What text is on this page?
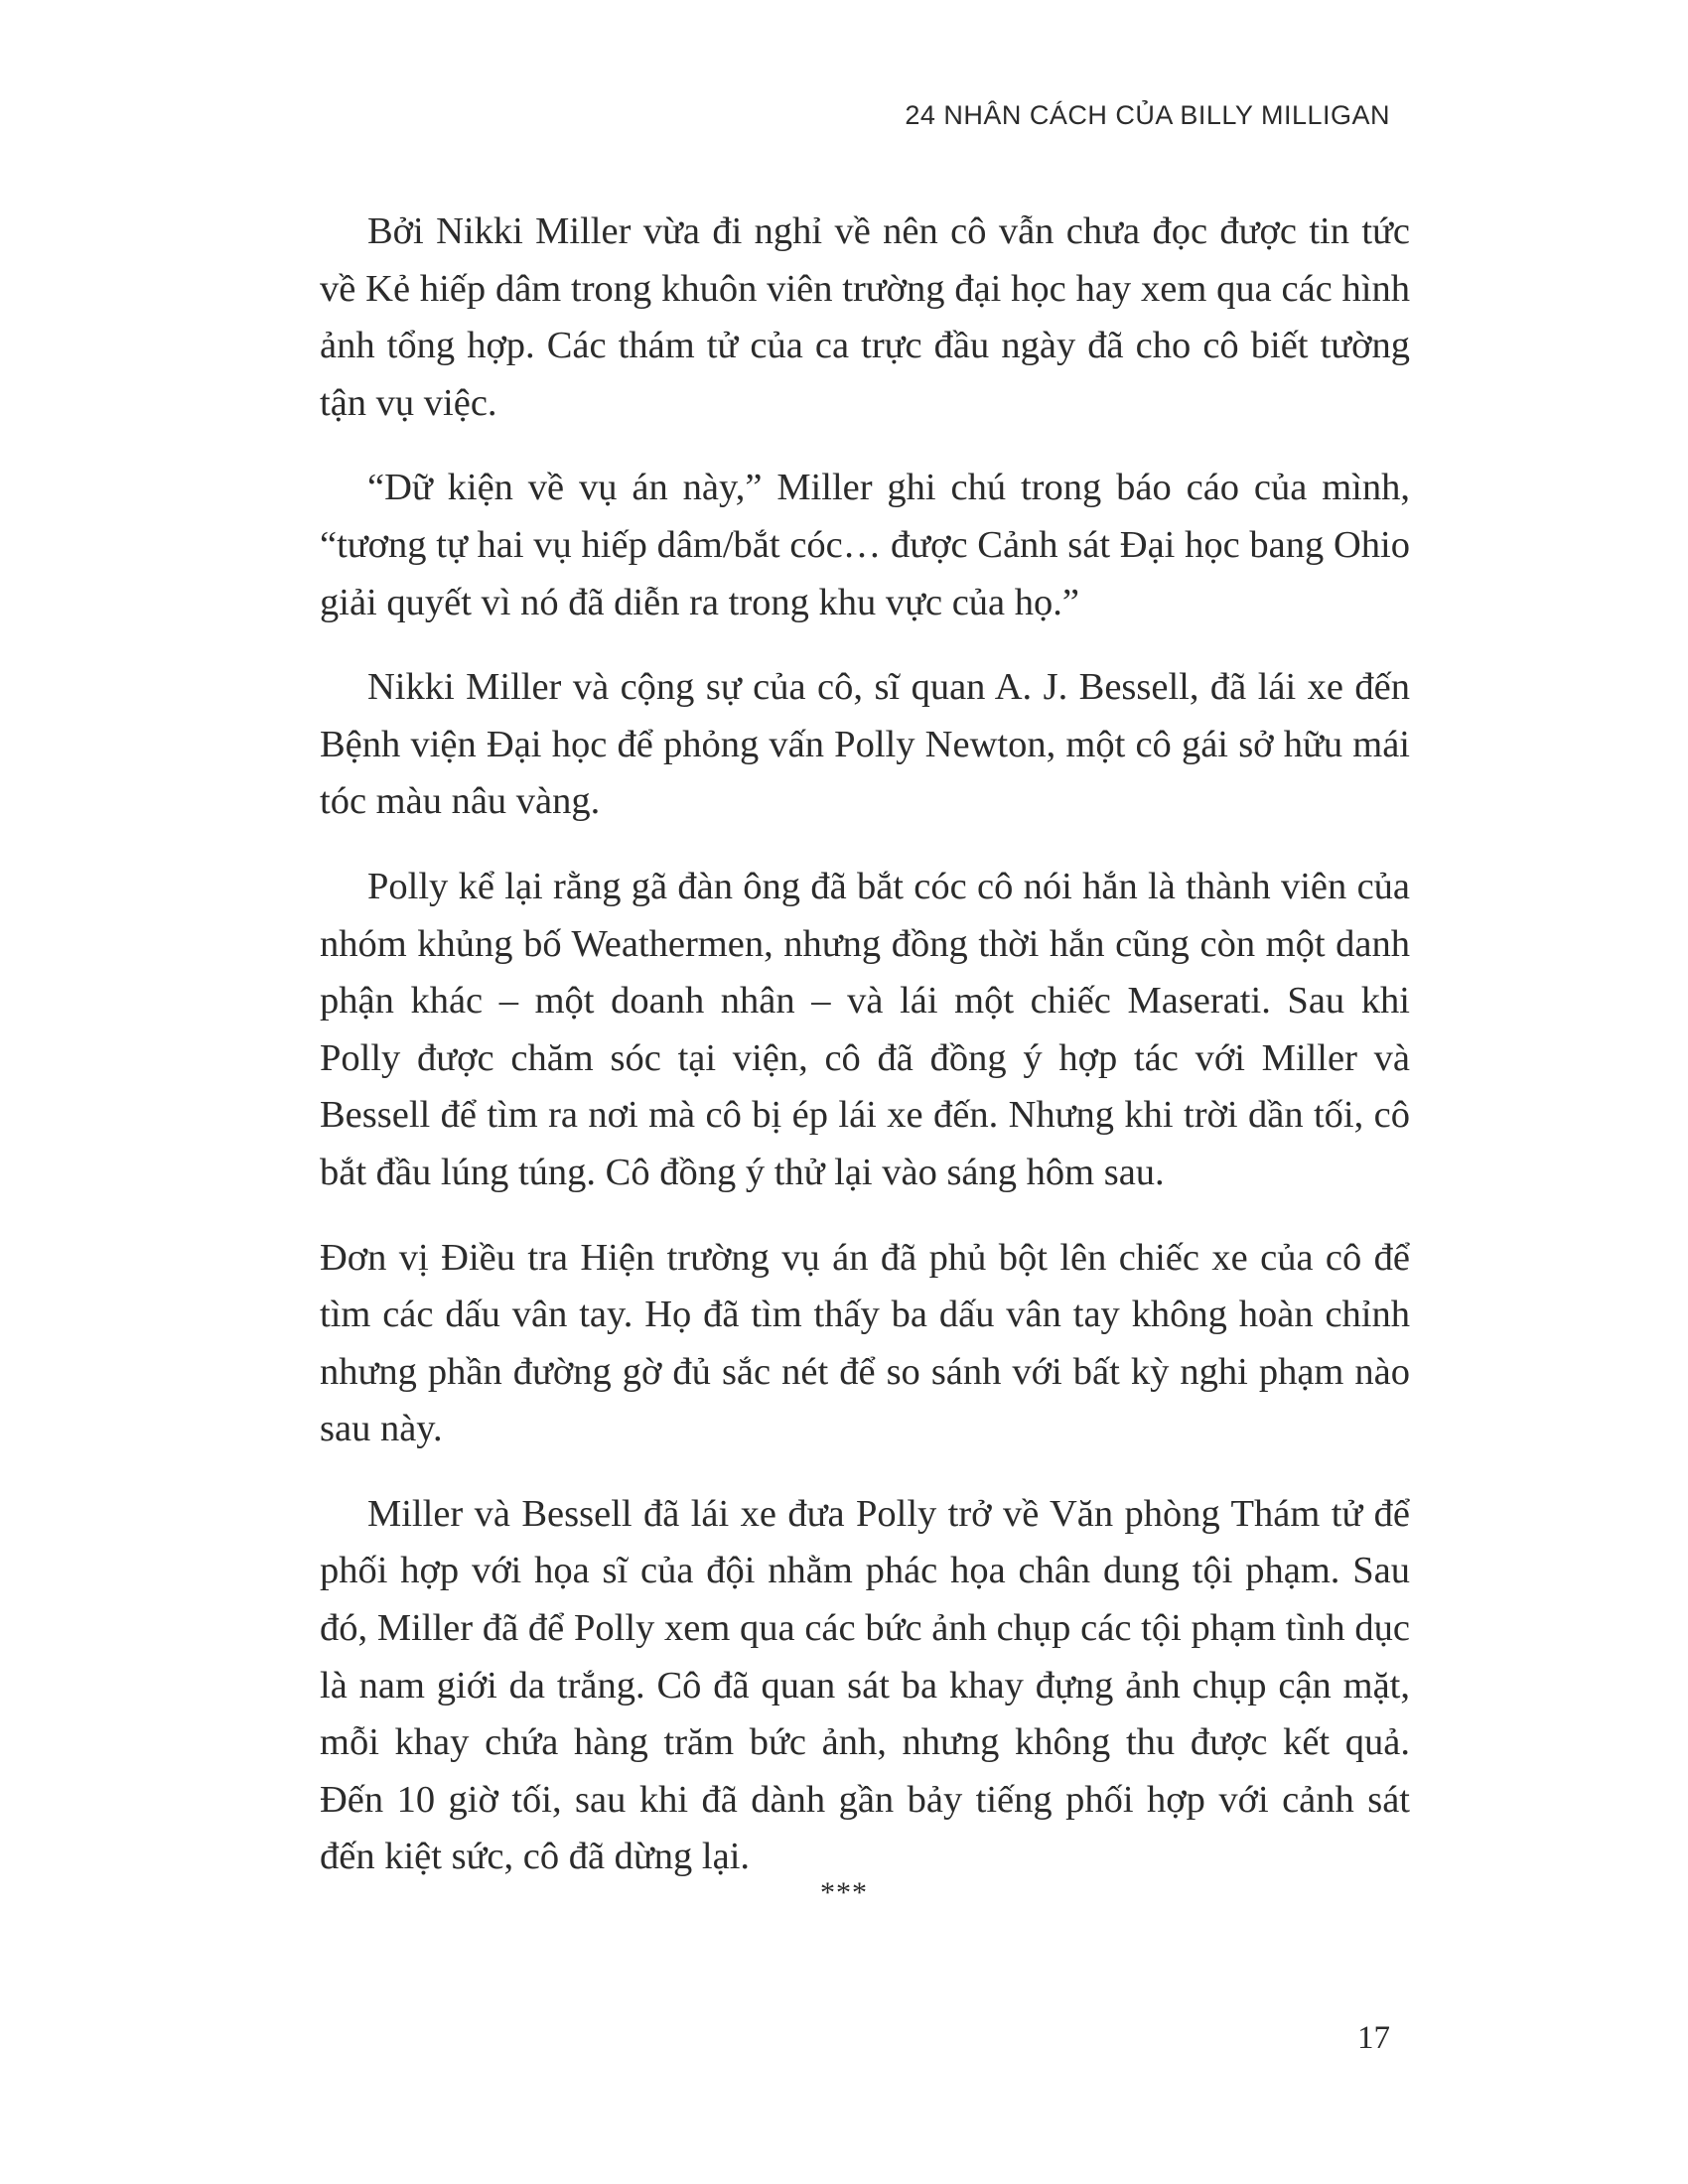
24 NHÂN CÁCH CỦA BILLY MILLIGAN

Bởi Nikki Miller vừa đi nghỉ về nên cô vẫn chưa đọc được tin tức về Kẻ hiếp dâm trong khuôn viên trường đại học hay xem qua các hình ảnh tổng hợp. Các thám tử của ca trực đầu ngày đã cho cô biết tường tận vụ việc.

“Dữ kiện về vụ án này,” Miller ghi chú trong báo cáo của mình, “tương tự hai vụ hiếp dâm/bắt cóc… được Cảnh sát Đại học bang Ohio giải quyết vì nó đã diễn ra trong khu vực của họ.”

Nikki Miller và cộng sự của cô, sĩ quan A. J. Bessell, đã lái xe đến Bệnh viện Đại học để phỏng vấn Polly Newton, một cô gái sở hữu mái tóc màu nâu vàng.

Polly kể lại rằng gã đàn ông đã bắt cóc cô nói hắn là thành viên của nhóm khủng bố Weathermen, nhưng đồng thời hắn cũng còn một danh phận khác – một doanh nhân – và lái một chiếc Maserati. Sau khi Polly được chăm sóc tại viện, cô đã đồng ý hợp tác với Miller và Bessell để tìm ra nơi mà cô bị ép lái xe đến. Nhưng khi trời dần tối, cô bắt đầu lúng túng. Cô đồng ý thử lại vào sáng hôm sau.

Đơn vị Điều tra Hiện trường vụ án đã phủ bột lên chiếc xe của cô để tìm các dấu vân tay. Họ đã tìm thấy ba dấu vân tay không hoàn chỉnh nhưng phần đường gờ đủ sắc nét để so sánh với bất kỳ nghi phạm nào sau này.

Miller và Bessell đã lái xe đưa Polly trở về Văn phòng Thám tử để phối hợp với họa sĩ của đội nhằm phác họa chân dung tội phạm. Sau đó, Miller đã để Polly xem qua các bức ảnh chụp các tội phạm tình dục là nam giới da trắng. Cô đã quan sát ba khay đựng ảnh chụp cận mặt, mỗi khay chứa hàng trăm bức ảnh, nhưng không thu được kết quả. Đến 10 giờ tối, sau khi đã dành gần bảy tiếng phối hợp với cảnh sát đến kiệt sức, cô đã dừng lại.

***
17
